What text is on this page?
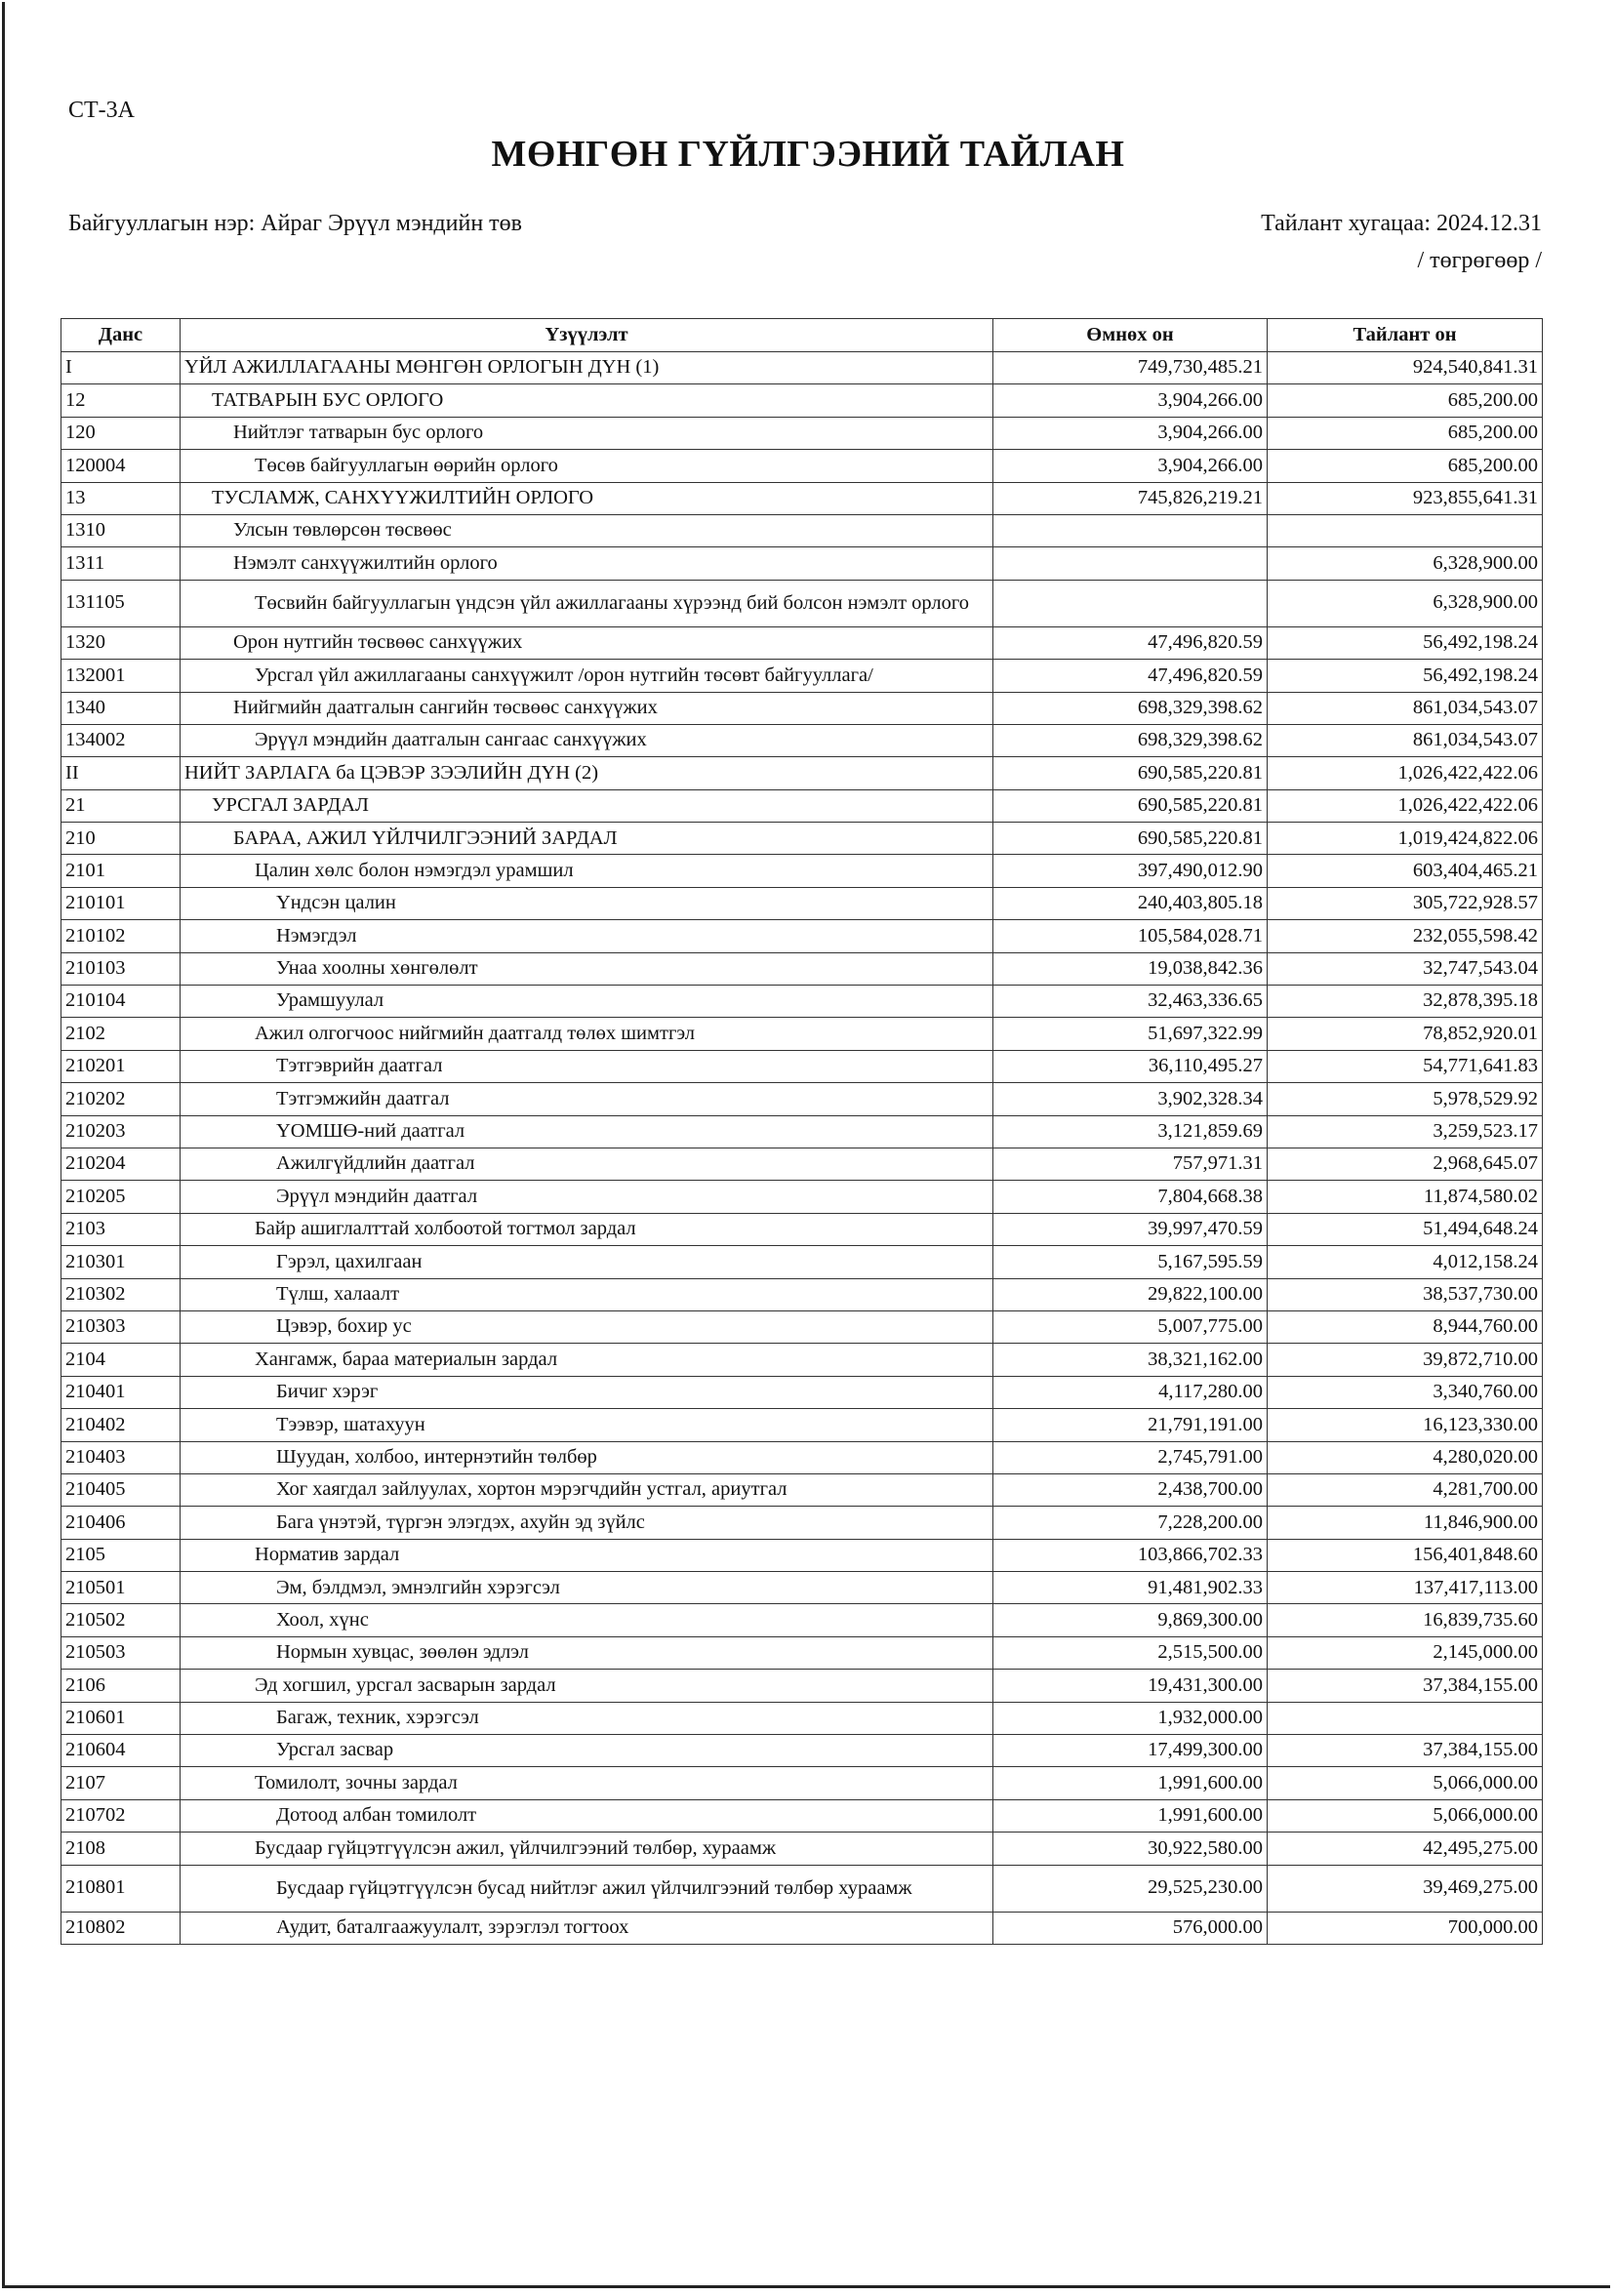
СТ-3А
МӨНГӨН ГҮЙЛГЭЭНИЙ ТАЙЛАН
Байгууллагын нэр: Айраг Эрүүл мэндийн төв	Тайлант хугацаа: 2024.12.31
/ төгрөгөөр /
Данс	Үзүүлэлт	Өмнөх он	Тайлант он
I	ҮЙЛ АЖИЛЛАГААНЫ МӨНГӨН ОРЛОГЫН ДҮН (1)	749,730,485.21	924,540,841.31
12	ТАТВАРЫН БУС ОРЛОГО	3,904,266.00	685,200.00
120	Нийтлэг татварын бус орлого	3,904,266.00	685,200.00
120004	Төсөв байгууллагын өөрийн орлого	3,904,266.00	685,200.00
13	ТУСЛАМЖ, САНХҮҮЖИЛТИЙН ОРЛОГО	745,826,219.21	923,855,641.31
1310	Улсын төвлөрсөн төсвөөс		
1311	Нэмэлт санхүүжилтийн орлого		6,328,900.00
131105	Төсвийн байгууллагын үндсэн үйл ажиллагааны хүрээнд бий болсон нэмэлт орлого		6,328,900.00
1320	Орон нутгийн төсвөөс санхүүжих	47,496,820.59	56,492,198.24
132001	Урсгал үйл ажиллагааны санхүүжилт /орон нутгийн төсөвт байгууллага/	47,496,820.59	56,492,198.24
1340	Нийгмийн даатгалын сангийн төсвөөс санхүүжих	698,329,398.62	861,034,543.07
134002	Эрүүл мэндийн даатгалын сангаас санхүүжих	698,329,398.62	861,034,543.07
II	НИЙТ ЗАРЛАГА ба ЦЭВЭР ЗЭЭЛИЙН ДҮН (2)	690,585,220.81	1,026,422,422.06
21	УРСГАЛ ЗАРДАЛ	690,585,220.81	1,026,422,422.06
210	БАРАА, АЖИЛ ҮЙЛЧИЛГЭЭНИЙ ЗАРДАЛ	690,585,220.81	1,019,424,822.06
2101	Цалин хөлс болон нэмэгдэл урамшил	397,490,012.90	603,404,465.21
210101	Үндсэн цалин	240,403,805.18	305,722,928.57
210102	Нэмэгдэл	105,584,028.71	232,055,598.42
210103	Унаа хоолны хөнгөлөлт	19,038,842.36	32,747,543.04
210104	Урамшуулал	32,463,336.65	32,878,395.18
2102	Ажил олгогчоос нийгмийн даатгалд төлөх шимтгэл	51,697,322.99	78,852,920.01
210201	Тэтгэврийн даатгал	36,110,495.27	54,771,641.83
210202	Тэтгэмжийн даатгал	3,902,328.34	5,978,529.92
210203	ҮОМШӨ-ний даатгал	3,121,859.69	3,259,523.17
210204	Ажилгүйдлийн даатгал	757,971.31	2,968,645.07
210205	Эрүүл мэндийн даатгал	7,804,668.38	11,874,580.02
2103	Байр ашиглалттай холбоотой тогтмол зардал	39,997,470.59	51,494,648.24
210301	Гэрэл, цахилгаан	5,167,595.59	4,012,158.24
210302	Түлш, халаалт	29,822,100.00	38,537,730.00
210303	Цэвэр, бохир ус	5,007,775.00	8,944,760.00
2104	Хангамж, бараа материалын зардал	38,321,162.00	39,872,710.00
210401	Бичиг хэрэг	4,117,280.00	3,340,760.00
210402	Тээвэр, шатахуун	21,791,191.00	16,123,330.00
210403	Шуудан, холбоо, интернэтийн төлбөр	2,745,791.00	4,280,020.00
210405	Хог хаягдал зайлуулах, хортон мэрэгчдийн устгал, ариутгал	2,438,700.00	4,281,700.00
210406	Бага үнэтэй, түргэн элэгдэх, ахуйн эд зүйлс	7,228,200.00	11,846,900.00
2105	Норматив зардал	103,866,702.33	156,401,848.60
210501	Эм, бэлдмэл, эмнэлгийн хэрэгсэл	91,481,902.33	137,417,113.00
210502	Хоол, хүнс	9,869,300.00	16,839,735.60
210503	Нормын хувцас, зөөлөн эдлэл	2,515,500.00	2,145,000.00
2106	Эд хогшил, урсгал засварын зардал	19,431,300.00	37,384,155.00
210601	Багаж, техник, хэрэгсэл	1,932,000.00	
210604	Урсгал засвар	17,499,300.00	37,384,155.00
2107	Томилолт, зочны зардал	1,991,600.00	5,066,000.00
210702	Дотоод албан томилолт	1,991,600.00	5,066,000.00
2108	Бусдаар гүйцэтгүүлсэн ажил, үйлчилгээний төлбөр, хураамж	30,922,580.00	42,495,275.00
210801	Бусдаар гүйцэтгүүлсэн бусад нийтлэг ажил үйлчилгээний төлбөр хураамж	29,525,230.00	39,469,275.00
210802	Аудит, баталгаажуулалт, зэрэглэл тогтоох	576,000.00	700,000.00
